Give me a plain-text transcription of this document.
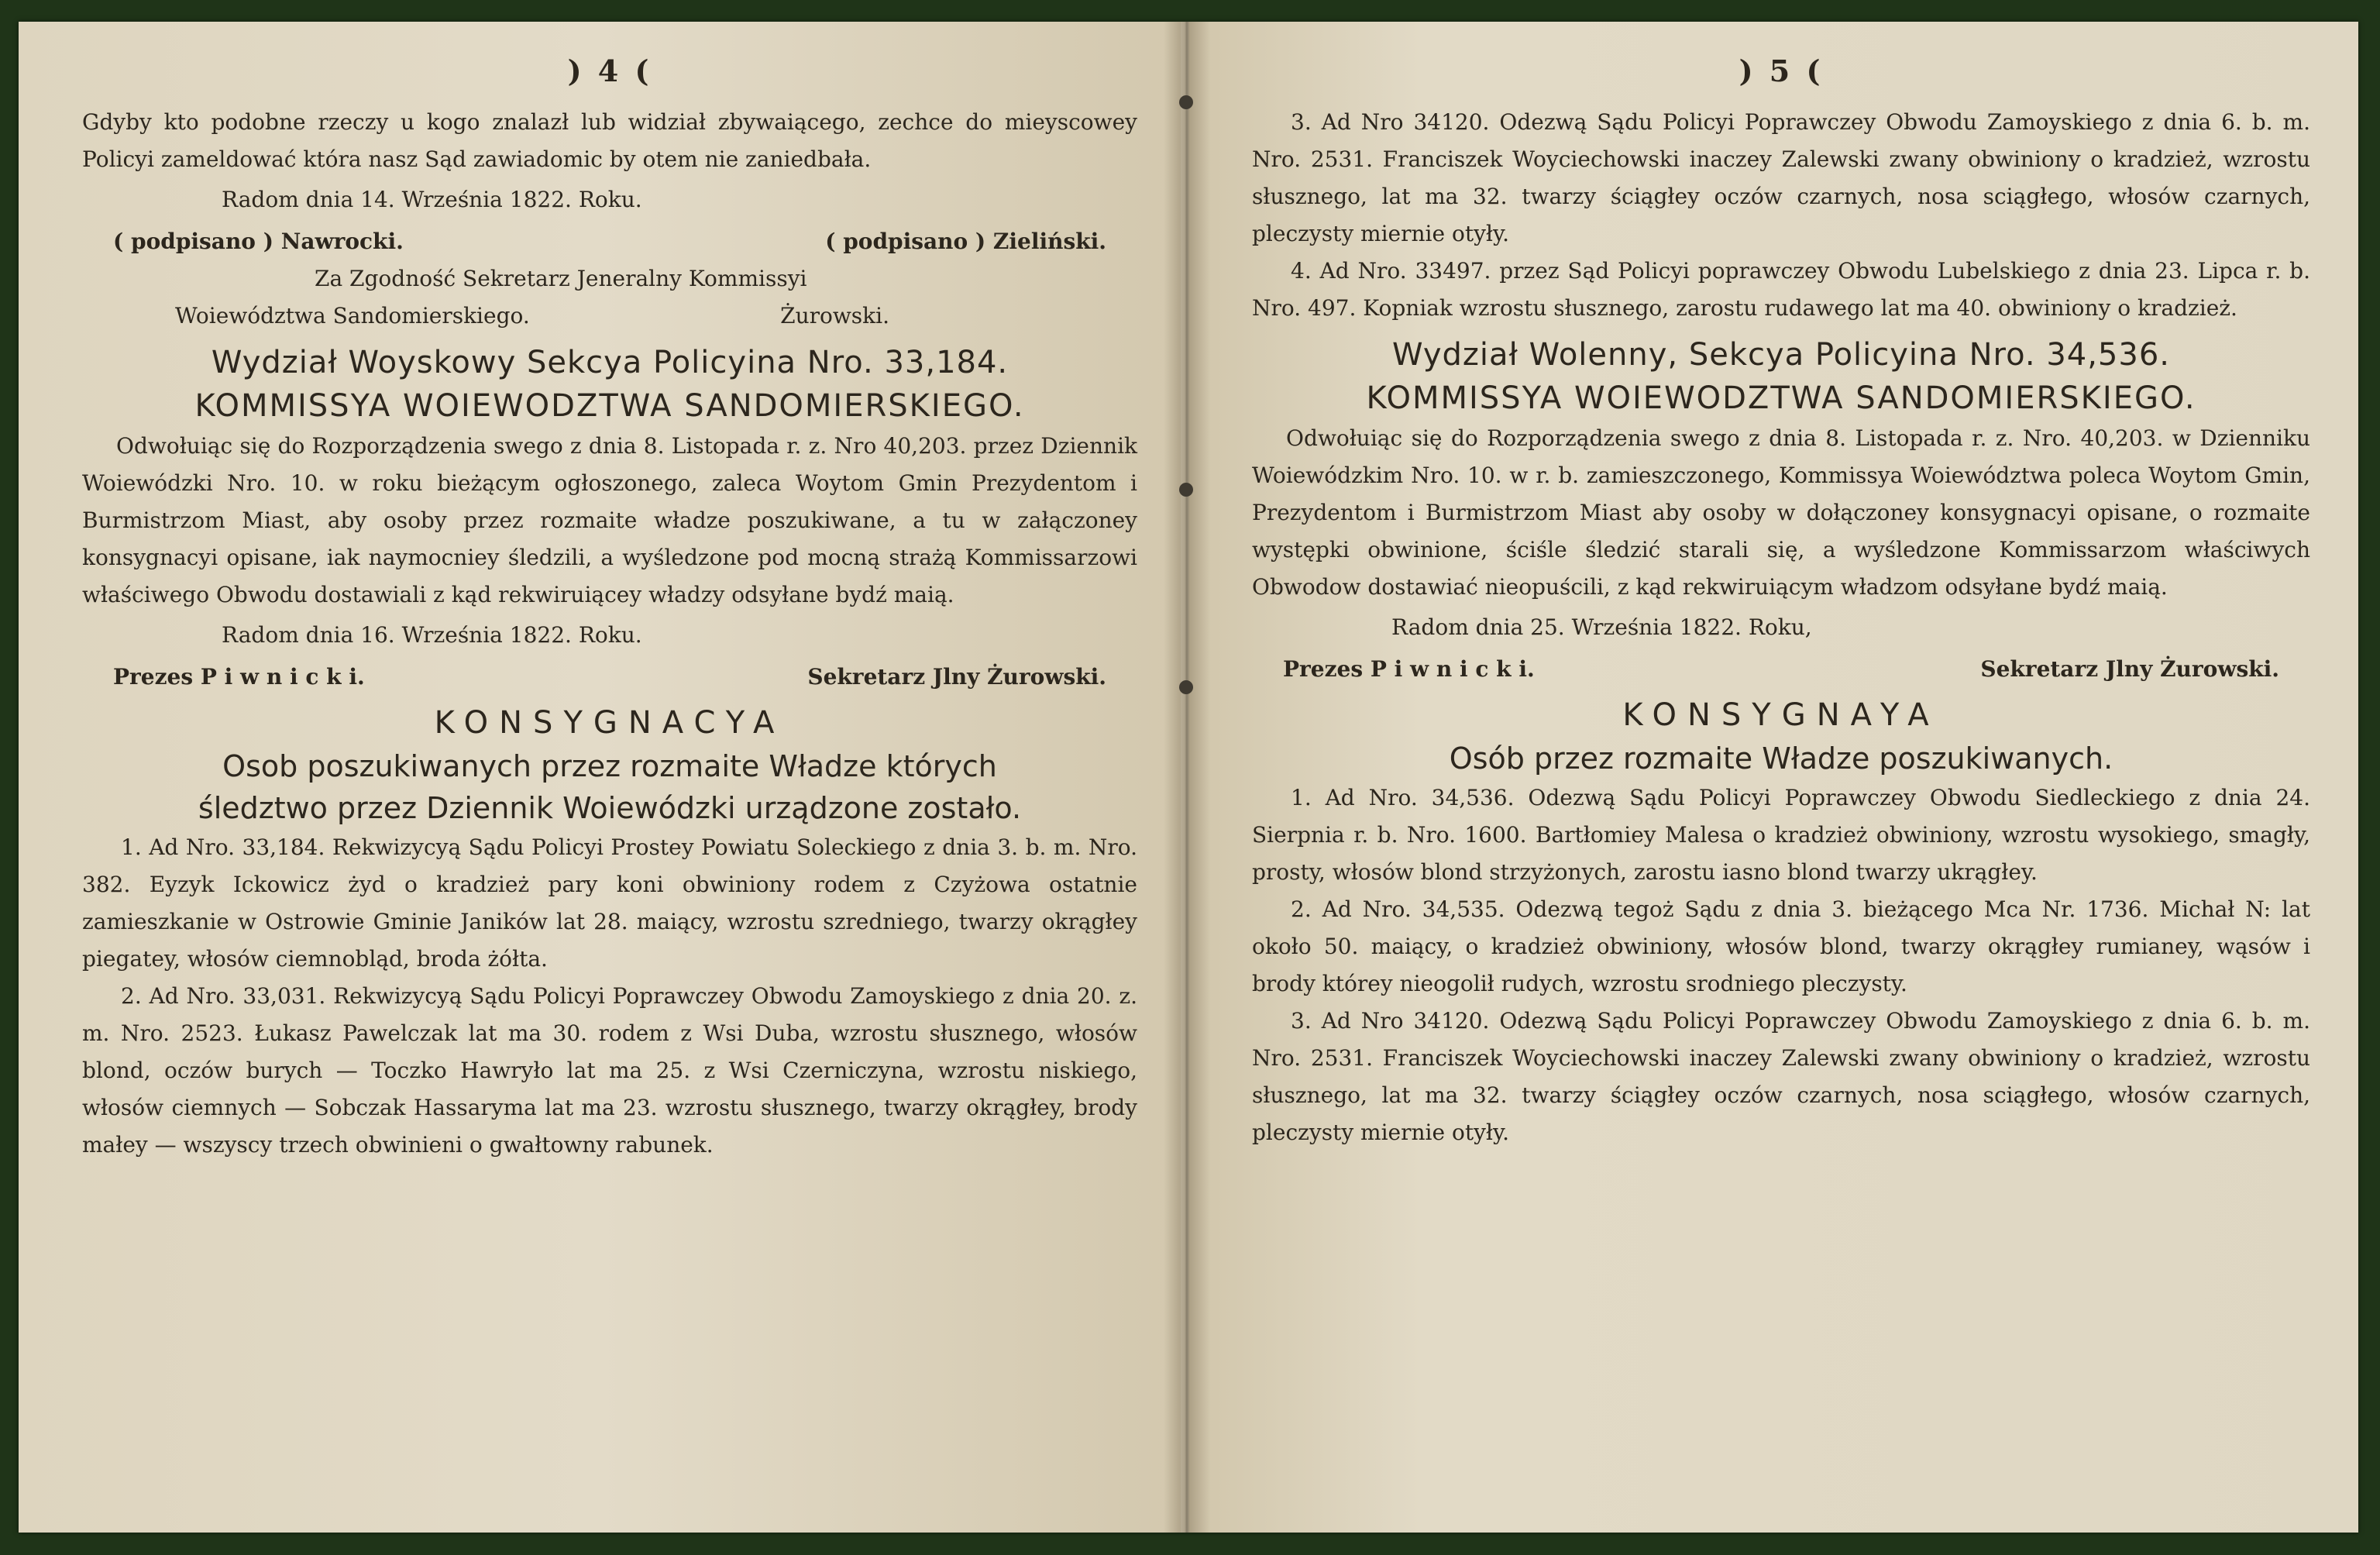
) 4 (

Gdyby kto podobne rzeczy u kogo znalazł lub widział zbywaiącego, zechce do mieyscowey Policyi zameldować która nasz Sąd zawiadomic by otem nie zaniedbała.

Radom dnia 14. Września 1822. Roku.
( podpisano ) Nawrocki.	( podpisano ) Zieliński.
Za Zgodność Sekretarz Jeneralny Kommissyi
Woiewództwa Sandomierskiego.	Żurowski.
Wydział Woyskowy Sekcya Policyina Nro. 33,184.
KOMMISSYA WOIEWODZTWA SANDOMIERSKIEGO.

Odwołuiąc się do Rozporządzenia swego z dnia 8. Listopada r. z. Nro 40,203. przez Dziennik Woiewódzki Nro. 10. w roku bieżącym ogłoszonego, zaleca Woytom Gmin Prezydentom i Burmistrzom Miast, aby osoby przez rozmaite władze poszukiwane, a tu w załączoney konsygnacyi opisane, iak naymocniey śledzili, a wyśledzone pod mocną strażą Kommissarzowi właściwego Obwodu dostawiali z kąd rekwiruiącey władzy odsyłane bydź maią.

Radom dnia 16. Września 1822. Roku.
Prezes P i w n i c k i.	Sekretarz Jlny Żurowski.
KONSYGNACYA
Osob poszukiwanych przez rozmaite Władze których
śledztwo przez Dziennik Woiewódzki urządzone zostało.

1. Ad Nro. 33,184. Rekwizycyą Sądu Policyi Prostey Powiatu Soleckiego z dnia 3. b. m. Nro. 382. Eyzyk Ickowicz żyd o kradzież pary koni obwiniony rodem z Czyżowa ostatnie zamieszkanie w Ostrowie Gminie Janików lat 28. maiący, wzrostu szredniego, twarzy okrągłey piegatey, włosów ciemnobląd, broda żółta.

2. Ad Nro. 33,031. Rekwizycyą Sądu Policyi Poprawczey Obwodu Zamoyskiego z dnia 20. z. m. Nro. 2523. Łukasz Pawelczak lat ma 30. rodem z Wsi Duba, wzrostu słusznego, włosów blond, oczów burych — Toczko Hawryło lat ma 25. z Wsi Czerniczyna, wzrostu niskiego, włosów ciemnych — Sobczak Hassaryma lat ma 23. wzrostu słusznego, twarzy okrągłey, brody małey — wszyscy trzech obwinieni o gwałtowny rabunek.

) 5 (

3. Ad Nro 34120. Odezwą Sądu Policyi Poprawczey Obwodu Zamoyskiego z dnia 6. b. m. Nro. 2531. Franciszek Woyciechowski inaczey Zalewski zwany obwiniony o kradzież, wzrostu słusznego, lat ma 32. twarzy ściągłey oczów czarnych, nosa sciągłego, włosów czarnych, pleczysty miernie otyły.

4. Ad Nro. 33497. przez Sąd Policyi poprawczey Obwodu Lubelskiego z dnia 23. Lipca r. b. Nro. 497. Kopniak wzrostu słusznego, zarostu rudawego lat ma 40. obwiniony o kradzież.

Wydział Wolenny, Sekcya Policyina Nro. 34,536.
KOMMISSYA WOIEWODZTWA SANDOMIERSKIEGO.

Odwołuiąc się do Rozporządzenia swego z dnia 8. Listopada r. z. Nro. 40,203. w Dzienniku Woiewódzkim Nro. 10. w r. b. zamieszczonego, Kommissya Woiewództwa poleca Woytom Gmin, Prezydentom i Burmistrzom Miast aby osoby w dołączoney konsygnacyi opisane, o rozmaite występki obwinione, ściśle śledzić starali się, a wyśledzone Kommissarzom właściwych Obwodow dostawiać nieopuścili, z kąd rekwiruiącym władzom odsyłane bydź maią.

Radom dnia 25. Września 1822. Roku,
Prezes P i w n i c k i.	Sekretarz Jlny Żurowski.
KONSYGNAYA
Osób przez rozmaite Władze poszukiwanych.

1. Ad Nro. 34,536. Odezwą Sądu Policyi Poprawczey Obwodu Siedleckiego z dnia 24. Sierpnia r. b. Nro. 1600. Bartłomiey Malesa o kradzież obwiniony, wzrostu wysokiego, smagły, prosty, włosów blond strzyżonych, zarostu iasno blond twarzy ukrągłey.

2. Ad Nro. 34,535. Odezwą tegoż Sądu z dnia 3. bieżącego Mca Nr. 1736. Michał N: lat około 50. maiący, o kradzież obwiniony, włosów blond, twarzy okrągłey rumianey, wąsów i brody którey nieogolił rudych, wzrostu srodniego pleczysty.

3. Ad Nro 34120. Odezwą Sądu Policyi Poprawczey Obwodu Zamoyskiego z dnia 6. b. m. Nro. 2531. Franciszek Woyciechowski inaczey Zalewski zwany obwiniony o kradzież, wzrostu słusznego, lat ma 32. twarzy ściągłey oczów czarnych, nosa sciągłego, włosów czarnych, pleczysty miernie otyły.
